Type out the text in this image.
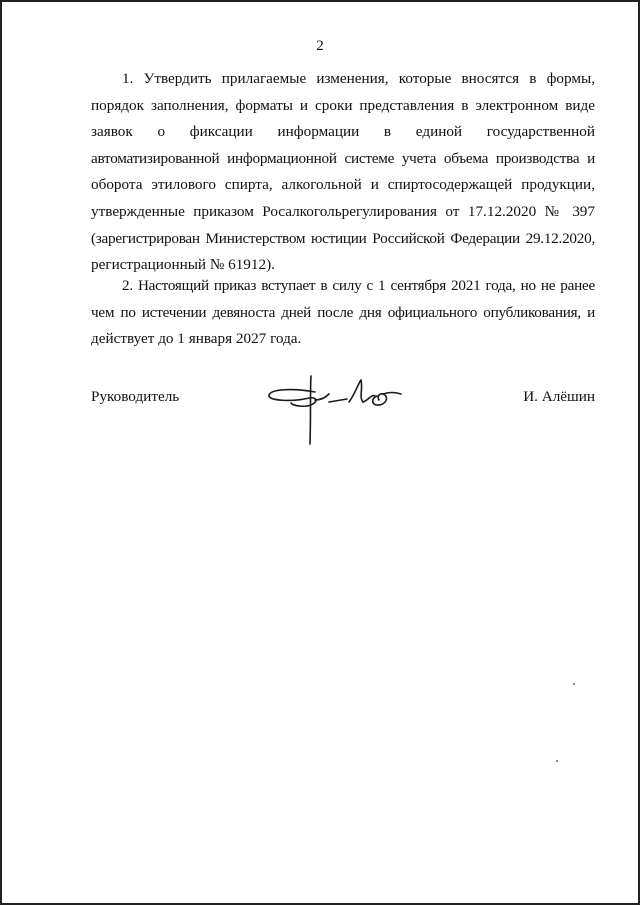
2
1. Утвердить прилагаемые изменения, которые вносятся в формы,
порядок заполнения, форматы и сроки представления в электронном виде
заявок о фиксации информации в единой государственной
автоматизированной информационной системе учета объема производства и
оборота этилового спирта, алкогольной и спиртосодержащей продукции,
утвержденные приказом Росалкогольрегулирования от 17.12.2020 № 397
(зарегистрирован Министерством юстиции Российской Федерации 29.12.2020,
регистрационный № 61912).
2. Настоящий приказ вступает в силу с 1 сентября 2021 года, но не ранее
чем по истечении девяноста дней после дня официального опубликования, и
действует до 1 января 2027 года.
Руководитель	И. Алёшин
